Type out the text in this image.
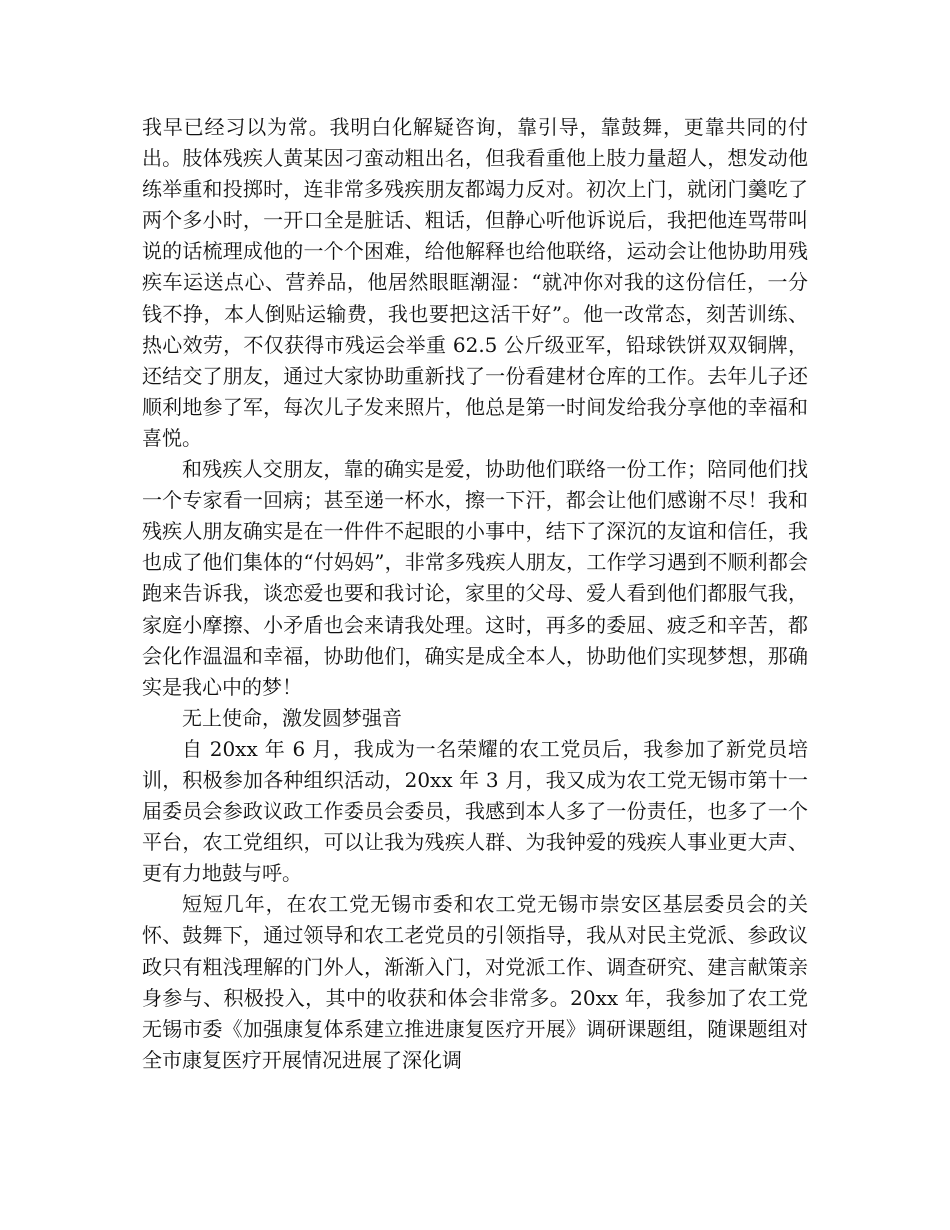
我早已经习以为常。我明白化解疑咨询，靠引导，靠鼓舞，更靠共同的付出。肢体残疾人黄某因刁蛮动粗出名，但我看重他上肢力量超人，想发动他练举重和投掷时，连非常多残疾朋友都竭力反对。初次上门，就闭门羹吃了两个多小时，一开口全是脏话、粗话，但静心听他诉说后，我把他连骂带叫说的话梳理成他的一个个困难，给他解释也给他联络，运动会让他协助用残疾车运送点心、营养品，他居然眼眶潮湿：“就冲你对我的这份信任，一分钱不挣，本人倒贴运输费，我也要把这活干好”。他一改常态，刻苦训练、热心效劳，不仅获得市残运会举重 62.5 公斤级亚军，铅球铁饼双双铜牌，还结交了朋友，通过大家协助重新找了一份看建材仓库的工作。去年儿子还顺利地参了军，每次儿子发来照片，他总是第一时间发给我分享他的幸福和喜悦。

和残疾人交朋友，靠的确实是爱，协助他们联络一份工作；陪同他们找一个专家看一回病；甚至递一杯水，擦一下汗，都会让他们感谢不尽！我和残疾人朋友确实是在一件件不起眼的小事中，结下了深沉的友谊和信任，我也成了他们集体的“付妈妈”，非常多残疾人朋友，工作学习遇到不顺利都会跑来告诉我，谈恋爱也要和我讨论，家里的父母、爱人看到他们都服气我，家庭小摩擦、小矛盾也会来请我处理。这时，再多的委屈、疲乏和辛苦，都会化作温温和幸福，协助他们，确实是成全本人，协助他们实现梦想，那确实是我心中的梦！

无上使命，激发圆梦强音

自 20xx 年 6 月，我成为一名荣耀的农工党员后，我参加了新党员培训，积极参加各种组织活动，20xx 年 3 月，我又成为农工党无锡市第十一届委员会参政议政工作委员会委员，我感到本人多了一份责任，也多了一个平台，农工党组织，可以让我为残疾人群、为我钟爱的残疾人事业更大声、更有力地鼓与呼。

短短几年，在农工党无锡市委和农工党无锡市崇安区基层委员会的关怀、鼓舞下，通过领导和农工老党员的引领指导，我从对民主党派、参政议政只有粗浅理解的门外人，渐渐入门，对党派工作、调查研究、建言献策亲身参与、积极投入，其中的收获和体会非常多。20xx 年，我参加了农工党无锡市委《加强康复体系建立推进康复医疗开展》调研课题组，随课题组对全市康复医疗开展情况进展了深化调
